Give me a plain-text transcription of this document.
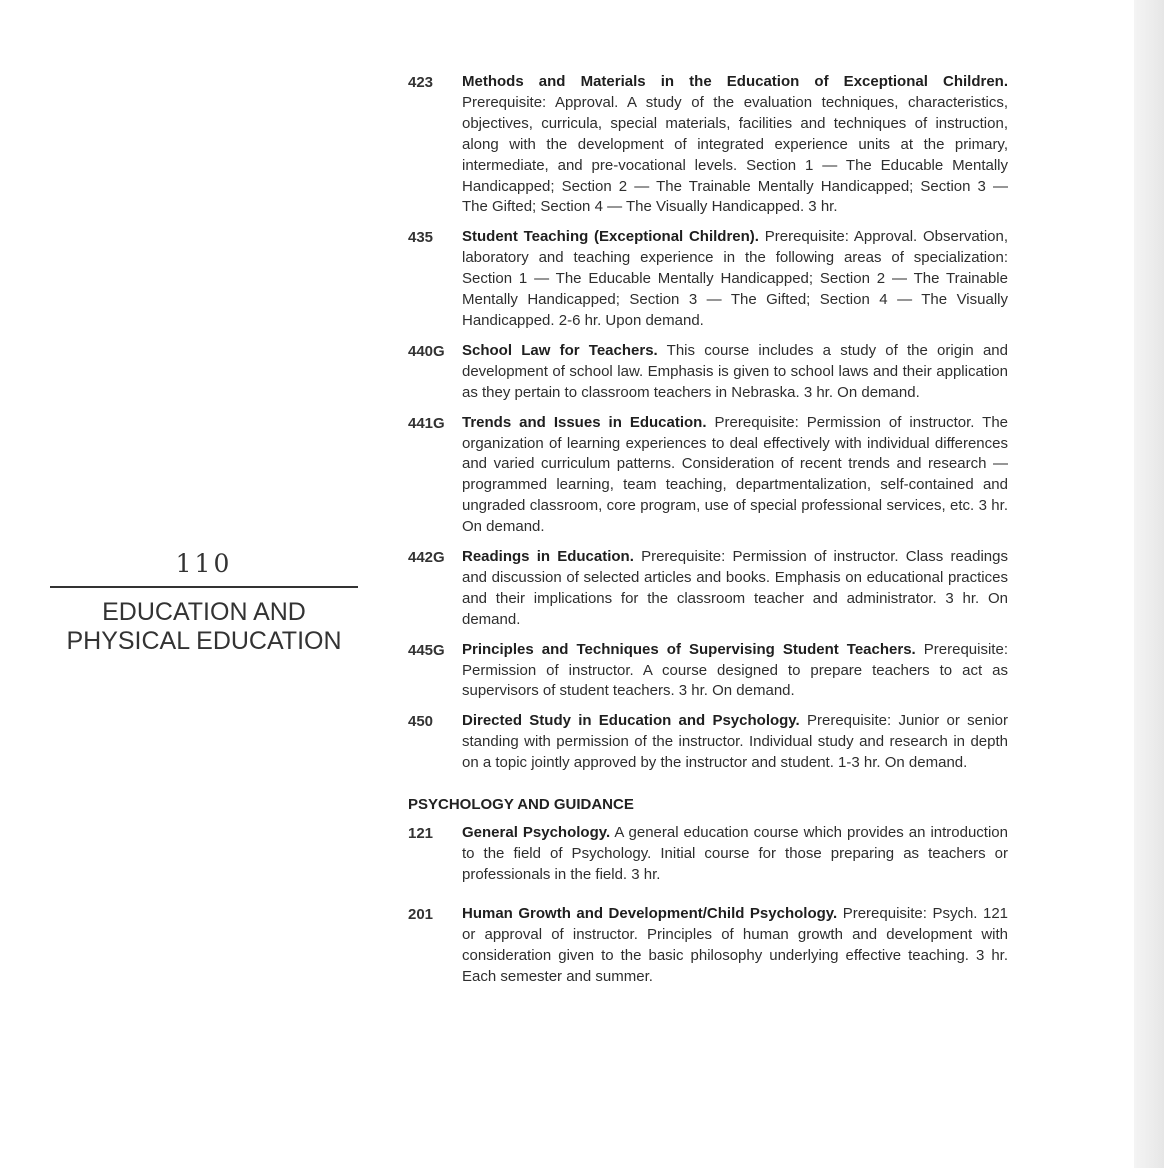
110
EDUCATION AND
PHYSICAL EDUCATION
423	Methods and Materials in the Education of Exceptional Children. Prerequisite: Approval. A study of the evaluation techniques, characteristics, objectives, curricula, special materials, facilities and techniques of instruction, along with the development of integrated experience units at the primary, intermediate, and pre-vocational levels. Section 1 — The Educable Mentally Handicapped; Section 2 — The Trainable Mentally Handicapped; Section 3 — The Gifted; Section 4 — The Visually Handicapped. 3 hr.
435	Student Teaching (Exceptional Children). Prerequisite: Approval. Observation, laboratory and teaching experience in the following areas of specialization: Section 1 — The Educable Mentally Handicapped; Section 2 — The Trainable Mentally Handicapped; Section 3 — The Gifted; Section 4 — The Visually Handicapped. 2-6 hr. Upon demand.
440G	School Law for Teachers. This course includes a study of the origin and development of school law. Emphasis is given to school laws and their application as they pertain to classroom teachers in Nebraska. 3 hr. On demand.
441G	Trends and Issues in Education. Prerequisite: Permission of instructor. The organization of learning experiences to deal effectively with individual differences and varied curriculum patterns. Consideration of recent trends and research — programmed learning, team teaching, departmentalization, self-contained and ungraded classroom, core program, use of special professional services, etc. 3 hr. On demand.
442G	Readings in Education. Prerequisite: Permission of instructor. Class readings and discussion of selected articles and books. Emphasis on educational practices and their implications for the classroom teacher and administrator. 3 hr. On demand.
445G	Principles and Techniques of Supervising Student Teachers. Prerequisite: Permission of instructor. A course designed to prepare teachers to act as supervisors of student teachers. 3 hr. On demand.
450	Directed Study in Education and Psychology. Prerequisite: Junior or senior standing with permission of the instructor. Individual study and research in depth on a topic jointly approved by the instructor and student. 1-3 hr. On demand.
PSYCHOLOGY AND GUIDANCE
121	General Psychology. A general education course which provides an introduction to the field of Psychology. Initial course for those preparing as teachers or professionals in the field. 3 hr.
201	Human Growth and Development/Child Psychology. Prerequisite: Psych. 121 or approval of instructor. Principles of human growth and development with consideration given to the basic philosophy underlying effective teaching. 3 hr. Each semester and summer.
